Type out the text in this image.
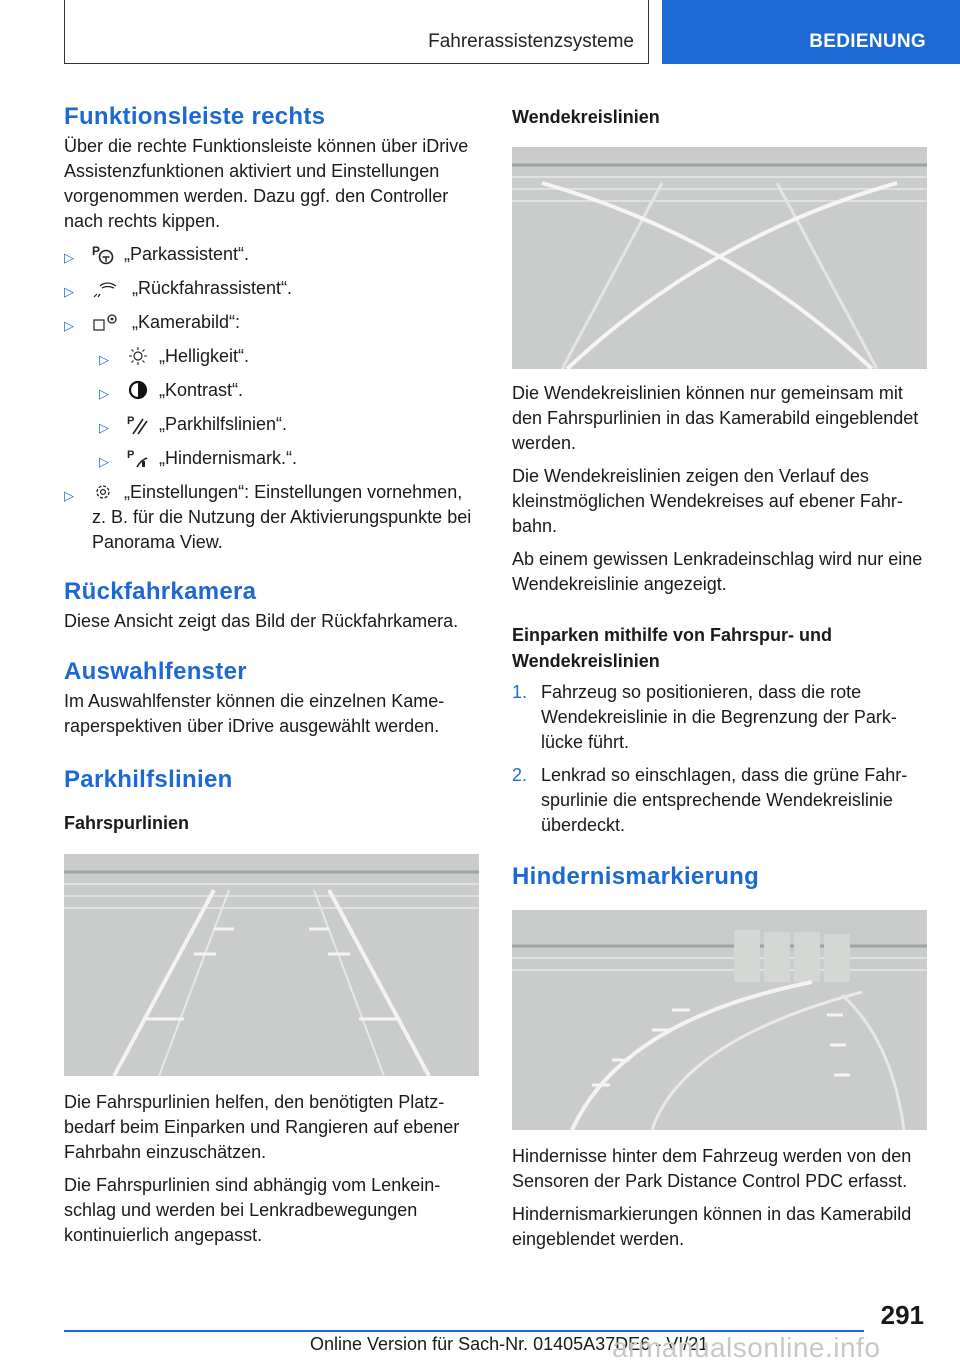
Fahrerassistenzsysteme	BEDIENUNG
Funktionsleiste rechts

Über die rechte Funktionsleiste können über iDrive Assistenzfunktionen aktiviert und Einstellungen vorgenommen werden. Dazu ggf. den Controller nach rechts kippen.

▷ P „Parkassistent“.
▷	„Rückfahrassistent“.
▷	„Kamerabild“:
▷	„Helligkeit“.
▷	„Kontrast“.
▷ P „Parkhilfslinien“.
▷ P „Hindernismark.“.
▷	„Einstellungen“: Einstellungen vornehmen, z. B. für die Nutzung der Aktivierungspunkte bei Panorama View.
Rückfahrkamera

Diese Ansicht zeigt das Bild der Rückfahrkamera.

Auswahlfenster

Im Auswahlfenster können die einzelnen Kameraperspektiven über iDrive ausgewählt werden.

Parkhilfslinien
Fahrspurlinien

Die Fahrspurlinien helfen, den benötigten Platzbedarf beim Einparken und Rangieren auf ebener Fahrbahn einzuschätzen.

Die Fahrspurlinien sind abhängig vom Lenkeinschlag und werden bei Lenkradbewegungen kontinuierlich angepasst.

Wendekreislinien

Die Wendekreislinien können nur gemeinsam mit den Fahrspurlinien in das Kamerabild eingeblendet werden.

Die Wendekreislinien zeigen den Verlauf des kleinstmöglichen Wendekreises auf ebener Fahrbahn.

Ab einem gewissen Lenkradeinschlag wird nur eine Wendekreislinie angezeigt.

Einparken mithilfe von Fahrspur- und Wendekreislinien
1. Fahrzeug so positionieren, dass die rote Wendekreislinie in die Begrenzung der Parklücke führt.
2. Lenkrad so einschlagen, dass die grüne Fahrspurlinie die entsprechende Wendekreislinie überdeckt.
Hindernismarkierung

Hindernisse hinter dem Fahrzeug werden von den Sensoren der Park Distance Control PDC erfasst.

Hindernismarkierungen können in das Kamerabild eingeblendet werden.

291
Online Version für Sach-Nr. 01405A37DE6 - VI/21
armanualsonline.info
